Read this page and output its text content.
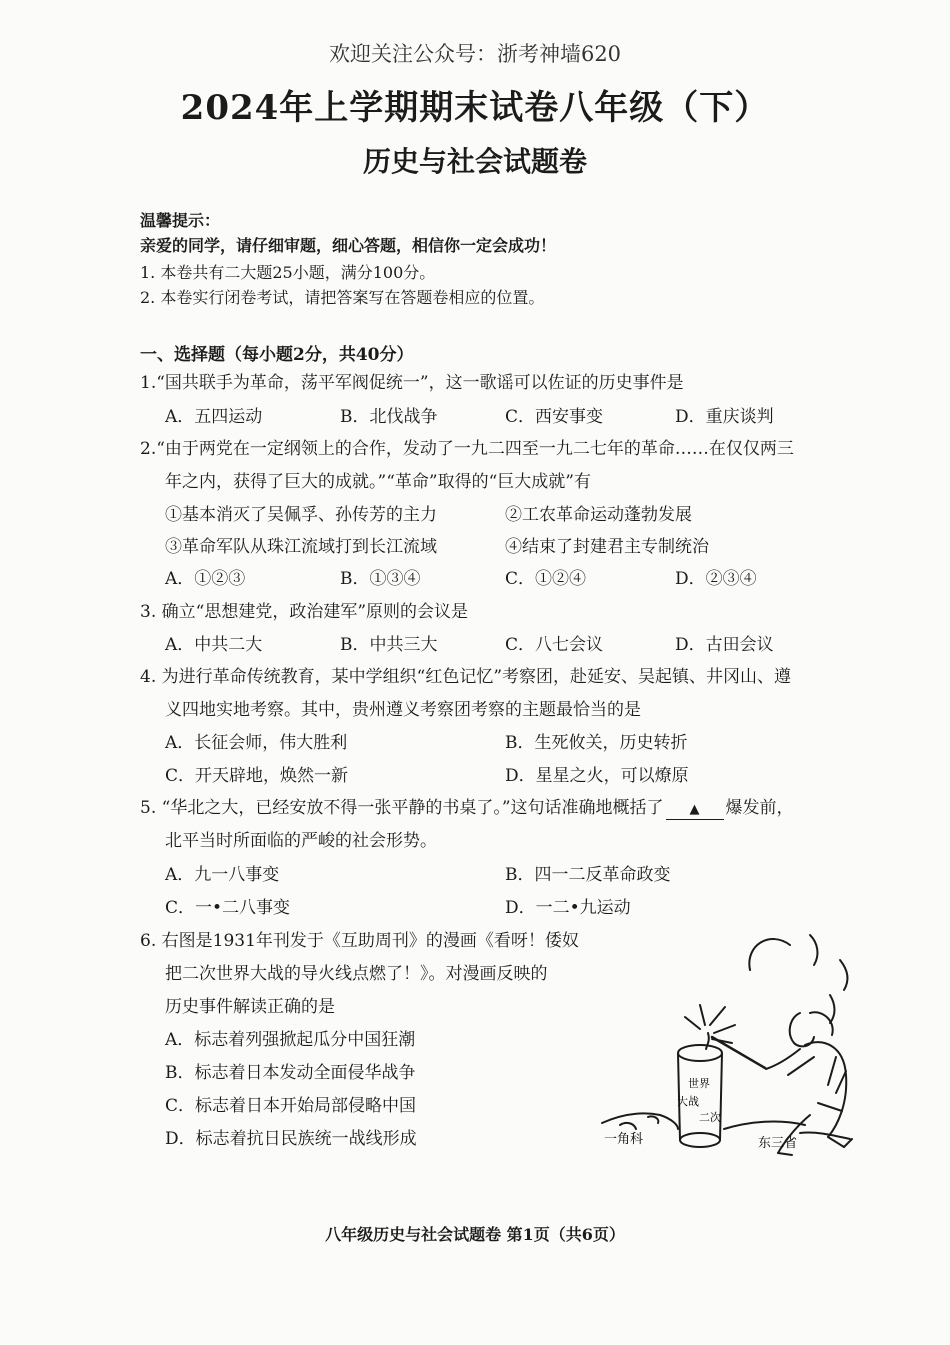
欢迎关注公众号：浙考神墙620
2024年上学期期末试卷八年级（下）
历史与社会试题卷
温馨提示：
亲爱的同学，请仔细审题，细心答题，相信你一定会成功！
1. 本卷共有二大题25小题，满分100分。
2. 本卷实行闭卷考试，请把答案写在答题卷相应的位置。
一、选择题（每小题2分，共40分）
1.“国共联手为革命，荡平军阀促统一”，这一歌谣可以佐证的历史事件是
A．五四运动	B．北伐战争	C．西安事变	D．重庆谈判
2.“由于两党在一定纲领上的合作，发动了一九二四至一九二七年的革命……在仅仅两三
年之内，获得了巨大的成就。”“革命”取得的“巨大成就”有
①基本消灭了吴佩孚、孙传芳的主力	②工农革命运动蓬勃发展
③革命军队从珠江流域打到长江流域	④结束了封建君主专制统治
A．①②③	B．①③④	C．①②④	D．②③④
3. 确立“思想建党，政治建军”原则的会议是
A．中共二大	B．中共三大	C．八七会议	D．古田会议
4. 为进行革命传统教育，某中学组织“红色记忆”考察团，赴延安、吴起镇、井冈山、遵
义四地实地考察。其中，贵州遵义考察团考察的主题最恰当的是
A．长征会师，伟大胜利	B．生死攸关，历史转折
C．开天辟地，焕然一新	D．星星之火，可以燎原
5. “华北之大，已经安放不得一张平静的书桌了。”这句话准确地概括了 ▲ 爆发前，
北平当时所面临的严峻的社会形势。
A．九一八事变	B．四一二反革命政变
C．一•二八事变	D．一二•九运动
6. 右图是1931年刊发于《互助周刊》的漫画《看呀！倭奴
把二次世界大战的导火线点燃了！》。对漫画反映的
历史事件解读正确的是
A．标志着列强掀起瓜分中国狂潮
B．标志着日本发动全面侵华战争
C．标志着日本开始局部侵略中国
D．标志着抗日民族统一战线形成
世界
大战
二次
一角科	东三省
八年级历史与社会试题卷 第1页（共6页）
